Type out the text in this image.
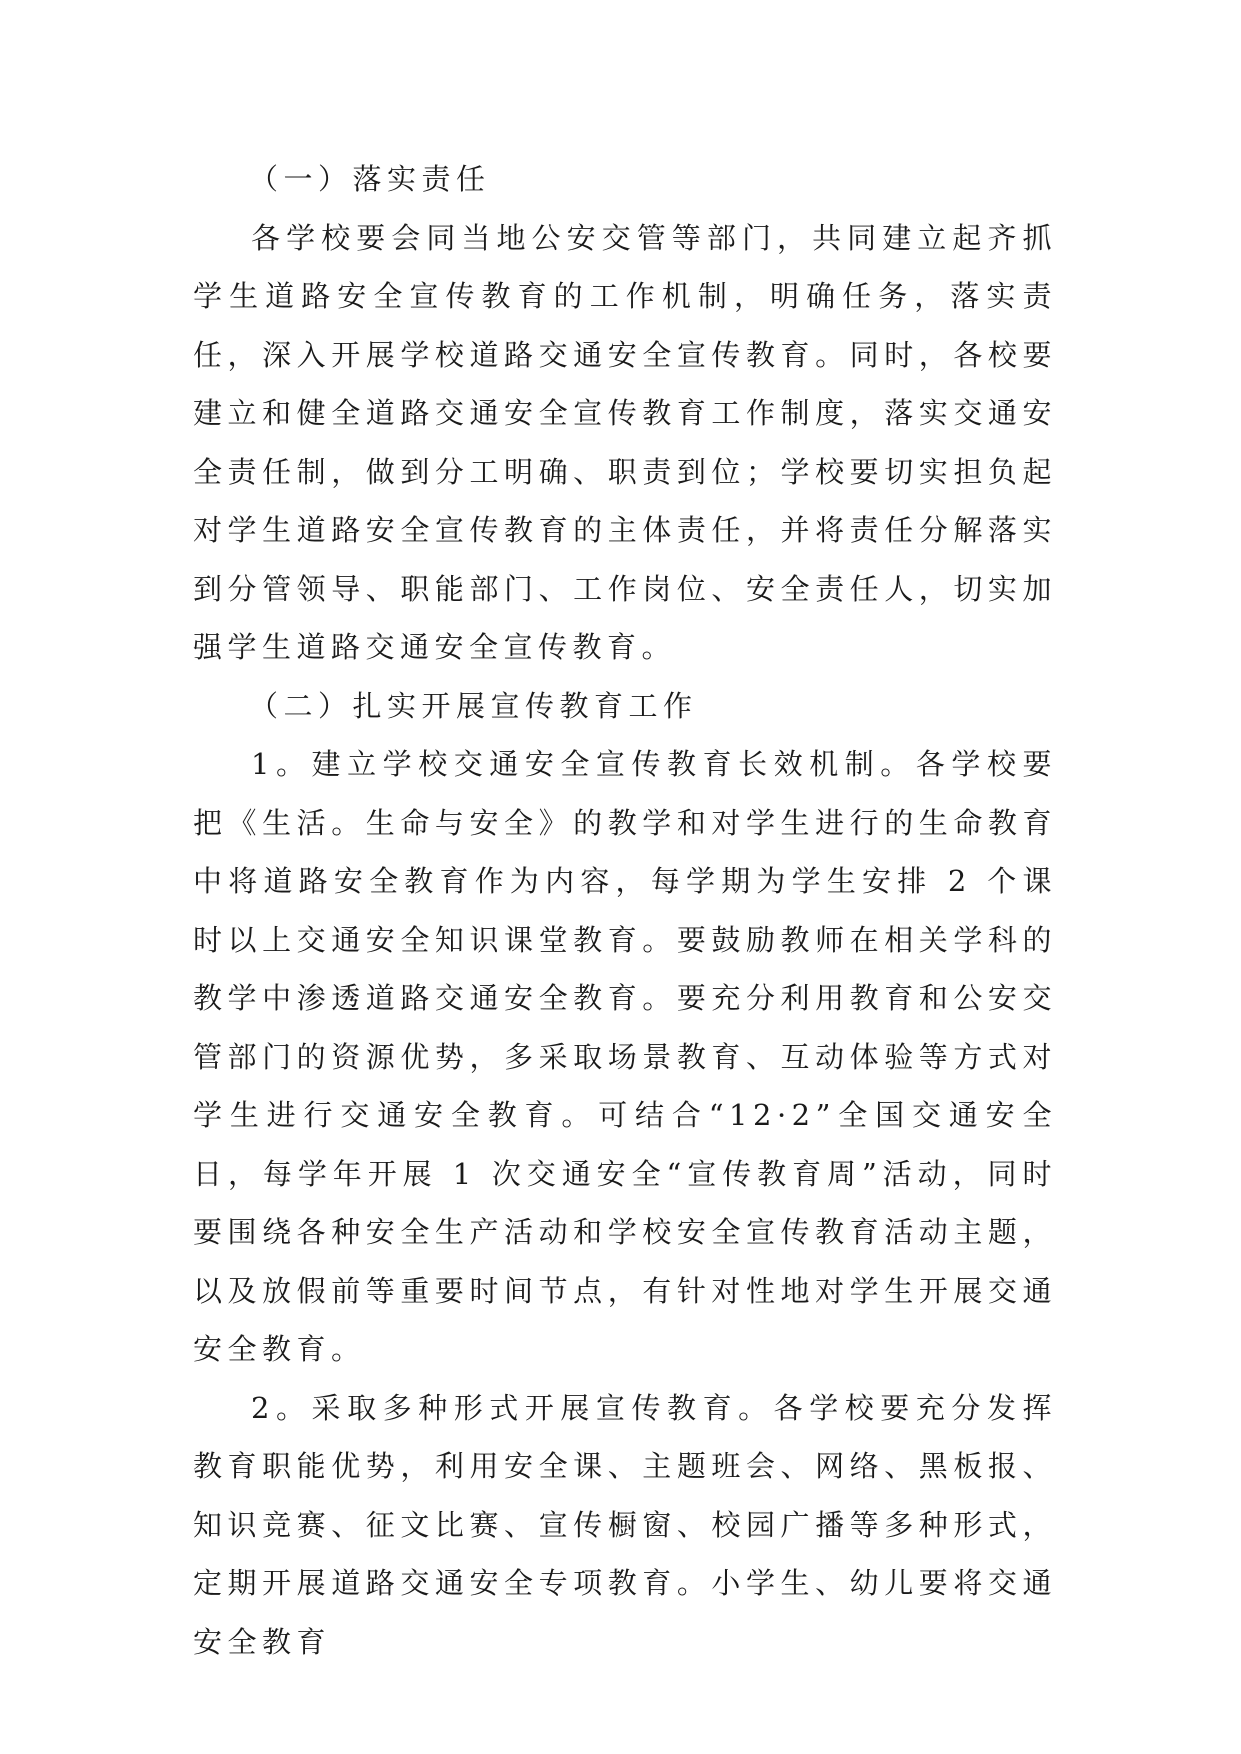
（一）落实责任

各学校要会同当地公安交管等部门，共同建立起齐抓学生道路安全宣传教育的工作机制，明确任务，落实责任，深入开展学校道路交通安全宣传教育。同时，各校要建立和健全道路交通安全宣传教育工作制度，落实交通安全责任制，做到分工明确、职责到位；学校要切实担负起对学生道路安全宣传教育的主体责任，并将责任分解落实到分管领导、职能部门、工作岗位、安全责任人，切实加强学生道路交通安全宣传教育。

（二）扎实开展宣传教育工作

1。建立学校交通安全宣传教育长效机制。各学校要把《生活。生命与安全》的教学和对学生进行的生命教育中将道路安全教育作为内容，每学期为学生安排 2 个课时以上交通安全知识课堂教育。要鼓励教师在相关学科的教学中渗透道路交通安全教育。要充分利用教育和公安交管部门的资源优势，多采取场景教育、互动体验等方式对学生进行交通安全教育。可结合“12·2”全国交通安全日，每学年开展 1 次交通安全“宣传教育周”活动，同时要围绕各种安全生产活动和学校安全宣传教育活动主题，以及放假前等重要时间节点，有针对性地对学生开展交通安全教育。

2。采取多种形式开展宣传教育。各学校要充分发挥教育职能优势，利用安全课、主题班会、网络、黑板报、知识竞赛、征文比赛、宣传橱窗、校园广播等多种形式，定期开展道路交通安全专项教育。小学生、幼儿要将交通安全教育
